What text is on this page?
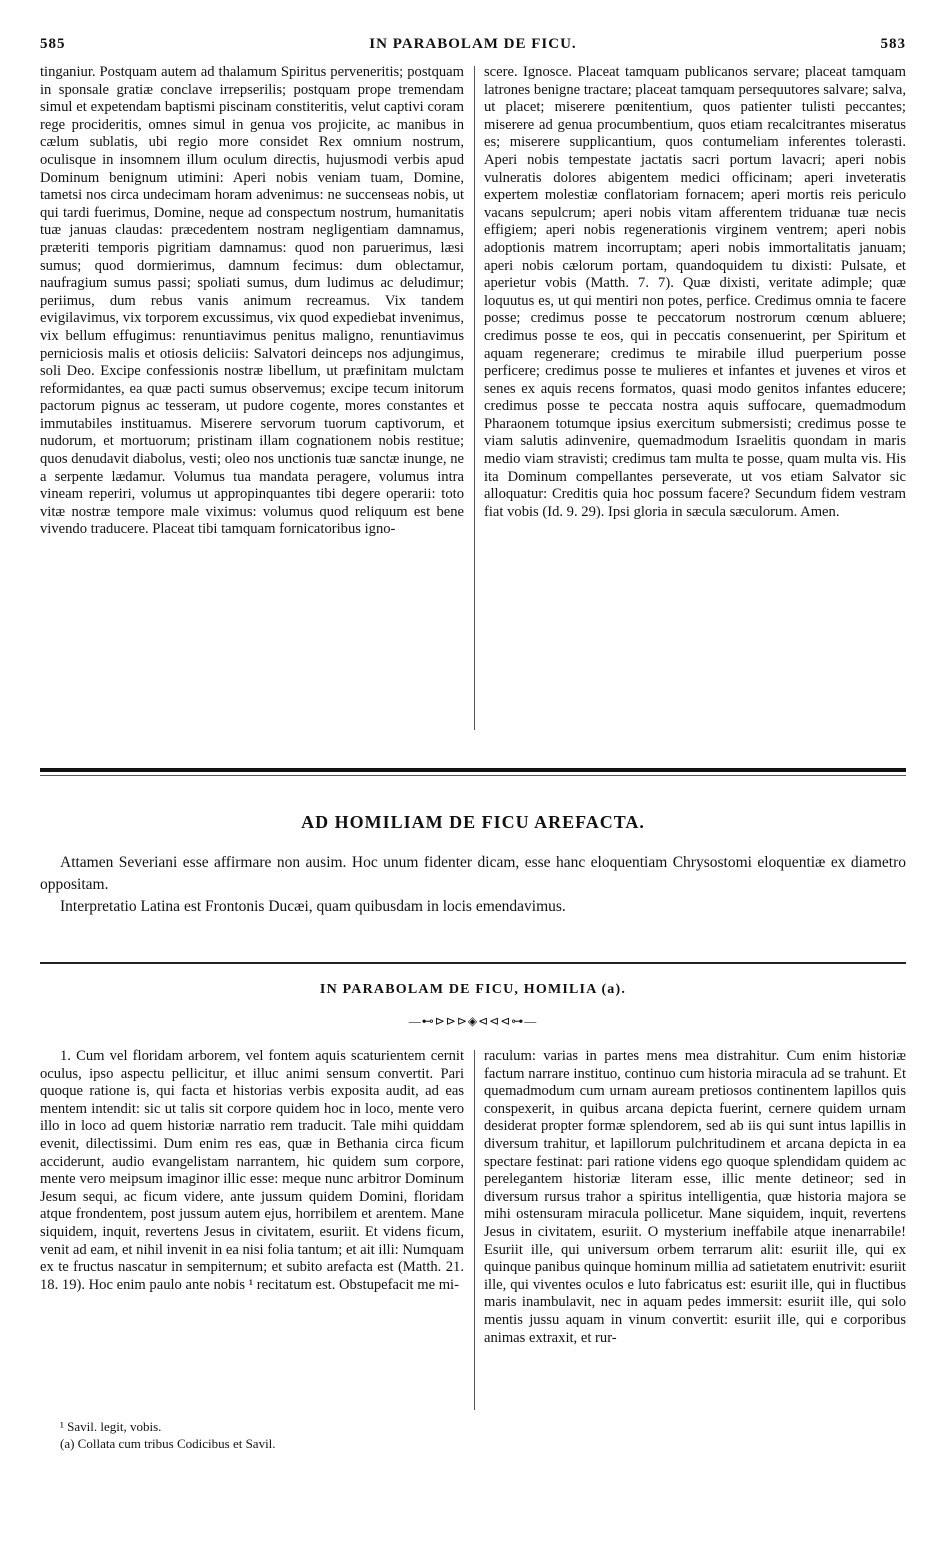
585	IN PARABOLAM DE FICU.	583

tinganiur. Postquam autem ad thalamum Spiritus perveneritis; postquam in sponsale gratiæ conclave irrepserilis; postquam prope tremendam simul et expetendam baptismi piscinam constiteritis, velut captivi coram rege procideritis, omnes simul in genua vos projicite, ac manibus in cælum sublatis, ubi regio more considet Rex omnium nostrum, oculisque in insomnem illum oculum directis, hujusmodi verbis apud Dominum benignum utimini: Aperi nobis veniam tuam, Domine, tametsi nos circa undecimam horam advenimus: ne succenseas nobis, ut qui tardi fuerimus, Domine, neque ad conspectum nostrum, humanitatis tuæ januas claudas: præcedentem nostram negligentiam damnamus, præteriti temporis pigritiam damnamus: quod non paruerimus, læsi sumus; quod dormierimus, damnum fecimus: dum oblectamur, naufragium sumus passi; spoliati sumus, dum ludimus ac deludimur; periimus, dum rebus vanis animum recreamus. Vix tandem evigilavimus, vix torporem excussimus, vix quod expediebat invenimus, vix bellum effugimus: renuntiavimus penitus maligno, renuntiavimus perniciosis malis et otiosis deliciis: Salvatori deinceps nos adjungimus, soli Deo. Excipe confessionis nostræ libellum, ut præfinitam mulctam reformidantes, ea quæ pacti sumus observemus; excipe tecum initorum pactorum pignus ac tesseram, ut pudore cogente, mores constantes et immutabiles instituamus. Miserere servorum tuorum captivorum, et nudorum, et mortuorum; pristinam illam cognationem nobis restitue; quos denudavit diabolus, vesti; oleo nos unctionis tuæ sanctæ inunge, ne a serpente lædamur. Volumus tua mandata peragere, volumus intra vineam reperiri, volumus ut appropinquantes tibi degere operarii: toto vitæ nostræ tempore male viximus: volumus quod reliquum est bene vivendo traducere. Placeat tibi tamquam fornicatoribus igno-

scere. Ignosce. Placeat tamquam publicanos servare; placeat tamquam latrones benigne tractare; placeat tamquam persequutores salvare; salva, ut placet; miserere pœnitentium, quos patienter tulisti peccantes; miserere ad genua procumbentium, quos etiam recalcitrantes miseratus es; miserere supplicantium, quos contumeliam inferentes tolerasti. Aperi nobis tempestate jactatis sacri portum lavacri; aperi nobis vulneratis dolores abigentem medici officinam; aperi inveteratis expertem molestiæ conflatoriam fornacem; aperi mortis reis periculo vacans sepulcrum; aperi nobis vitam afferentem triduanæ tuæ necis effigiem; aperi nobis regenerationis virginem ventrem; aperi nobis adoptionis matrem incorruptam; aperi nobis immortalitatis januam; aperi nobis cælorum portam, quandoquidem tu dixisti: Pulsate, et aperietur vobis (Matth. 7. 7). Quæ dixisti, veritate adimple; quæ loquutus es, ut qui mentiri non potes, perfice. Credimus omnia te facere posse; credimus posse te peccatorum nostrorum cœnum abluere; credimus posse te eos, qui in peccatis consenuerint, per Spiritum et aquam regenerare; credimus te mirabile illud puerperium posse perficere; credimus posse te mulieres et infantes et juvenes et viros et senes ex aquis recens formatos, quasi modo genitos infantes educere; credimus posse te peccata nostra aquis suffocare, quemadmodum Pharaonem totumque ipsius exercitum submersisti; credimus posse te viam salutis adinvenire, quemadmodum Israelitis quondam in maris medio viam stravisti; credimus tam multa te posse, quam multa vis. His ita Dominum compellantes perseverate, ut vos etiam Salvator sic alloquatur: Creditis quia hoc possum facere? Secundum fidem vestram fiat vobis (Id. 9. 29). Ipsi gloria in sæcula sæculorum. Amen.

AD HOMILIAM DE FICU AREFACTA.

Attamen Severiani esse affirmare non ausim. Hoc unum fidenter dicam, esse hanc eloquentiam Chrysostomi eloquentiæ ex diametro oppositam.

Interpretatio Latina est Frontonis Ducæi, quam quibusdam in locis emendavimus.

IN PARABOLAM DE FICU, HOMILIA (a).
—⊷⊳⊳⊳◈⊲⊲⊲⊶—

1. Cum vel floridam arborem, vel fontem aquis scaturientem cernit oculus, ipso aspectu pellicitur, et illuc animi sensum convertit. Pari quoque ratione is, qui facta et historias verbis exposita audit, ad eas mentem intendit: sic ut talis sit corpore quidem hoc in loco, mente vero illo in loco ad quem historiæ narratio rem traducit. Tale mihi quiddam evenit, dilectissimi. Dum enim res eas, quæ in Bethania circa ficum acciderunt, audio evangelistam narrantem, hic quidem sum corpore, mente vero meipsum imaginor illic esse: meque nunc arbitror Dominum Jesum sequi, ac ficum videre, ante jussum quidem Domini, floridam atque frondentem, post jussum autem ejus, horribilem et arentem. Mane siquidem, inquit, revertens Jesus in civitatem, esuriit. Et videns ficum, venit ad eam, et nihil invenit in ea nisi folia tantum; et ait illi: Numquam ex te fructus nascatur in sempiternum; et subito arefacta est (Matth. 21. 18. 19). Hoc enim paulo ante nobis ¹ recitatum est. Obstupefacit me mi-

raculum: varias in partes mens mea distrahitur. Cum enim historiæ factum narrare instituo, continuo cum historia miracula ad se trahunt. Et quemadmodum cum urnam auream pretiosos continentem lapillos quis conspexerit, in quibus arcana depicta fuerint, cernere quidem urnam desiderat propter formæ splendorem, sed ab iis qui sunt intus lapillis in diversum trahitur, et lapillorum pulchritudinem et arcana depicta in ea spectare festinat: pari ratione videns ego quoque splendidam quidem ac perelegantem historiæ literam esse, illic mente detineor; sed in diversum rursus trahor a spiritus intelligentia, quæ historia majora se mihi ostensuram miracula pollicetur. Mane siquidem, inquit, revertens Jesus in civitatem, esuriit. O mysterium ineffabile atque inenarrabile! Esuriit ille, qui universum orbem terrarum alit: esuriit ille, qui ex quinque panibus quinque hominum millia ad satietatem enutrivit: esuriit ille, qui viventes oculos e luto fabricatus est: esuriit ille, qui in fluctibus maris inambulavit, nec in aquam pedes immersit: esuriit ille, qui solo mentis jussu aquam in vinum convertit: esuriit ille, qui e corporibus animas extraxit, et rur-

¹ Savil. legit, vobis.

(a) Collata cum tribus Codicibus et Savil.
